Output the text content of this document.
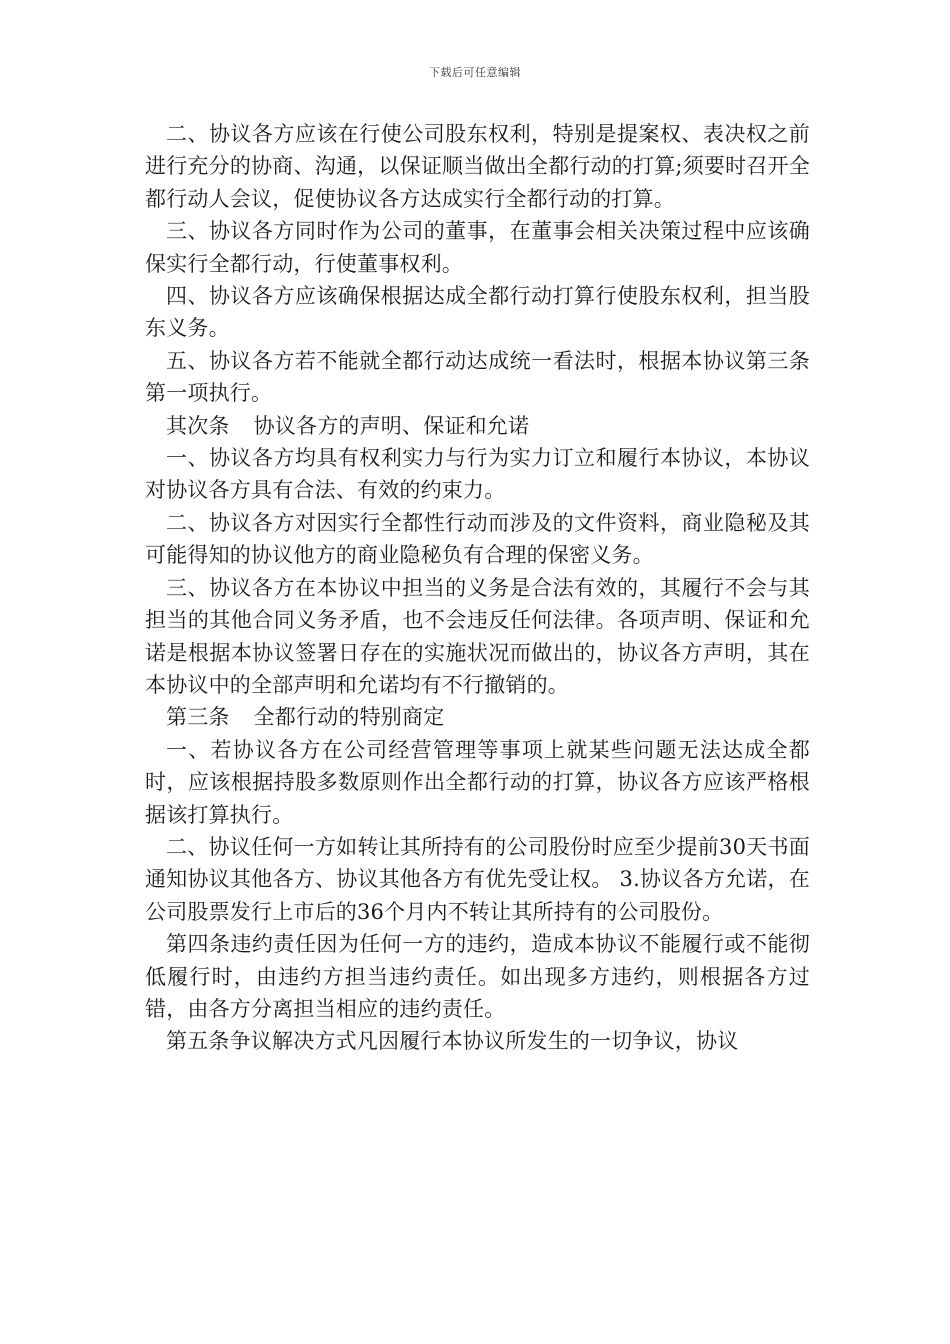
下载后可任意编辑

二、协议各方应该在行使公司股东权利，特别是提案权、表决权之前进行充分的协商、沟通，以保证顺当做出全都行动的打算;须要时召开全都行动人会议，促使协议各方达成实行全都行动的打算。

三、协议各方同时作为公司的董事，在董事会相关决策过程中应该确保实行全都行动，行使董事权利。

四、协议各方应该确保根据达成全都行动打算行使股东权利，担当股东义务。

五、协议各方若不能就全都行动达成统一看法时，根据本协议第三条第一项执行。

其次条 协议各方的声明、保证和允诺

一、协议各方均具有权利实力与行为实力订立和履行本协议，本协议对协议各方具有合法、有效的约束力。

二、协议各方对因实行全都性行动而涉及的文件资料，商业隐秘及其可能得知的协议他方的商业隐秘负有合理的保密义务。

三、协议各方在本协议中担当的义务是合法有效的，其履行不会与其担当的其他合同义务矛盾，也不会违反任何法律。各项声明、保证和允诺是根据本协议签署日存在的实施状况而做出的，协议各方声明，其在本协议中的全部声明和允诺均有不行撤销的。

第三条 全都行动的特别商定

一、若协议各方在公司经营管理等事项上就某些问题无法达成全都时，应该根据持股多数原则作出全都行动的打算，协议各方应该严格根据该打算执行。

二、协议任何一方如转让其所持有的公司股份时应至少提前30天书面通知协议其他各方、协议其他各方有优先受让权。 3.协议各方允诺，在公司股票发行上市后的36个月内不转让其所持有的公司股份。

第四条违约责任因为任何一方的违约，造成本协议不能履行或不能彻低履行时，由违约方担当违约责任。如出现多方违约，则根据各方过错，由各方分离担当相应的违约责任。

第五条争议解决方式凡因履行本协议所发生的一切争议，协议
